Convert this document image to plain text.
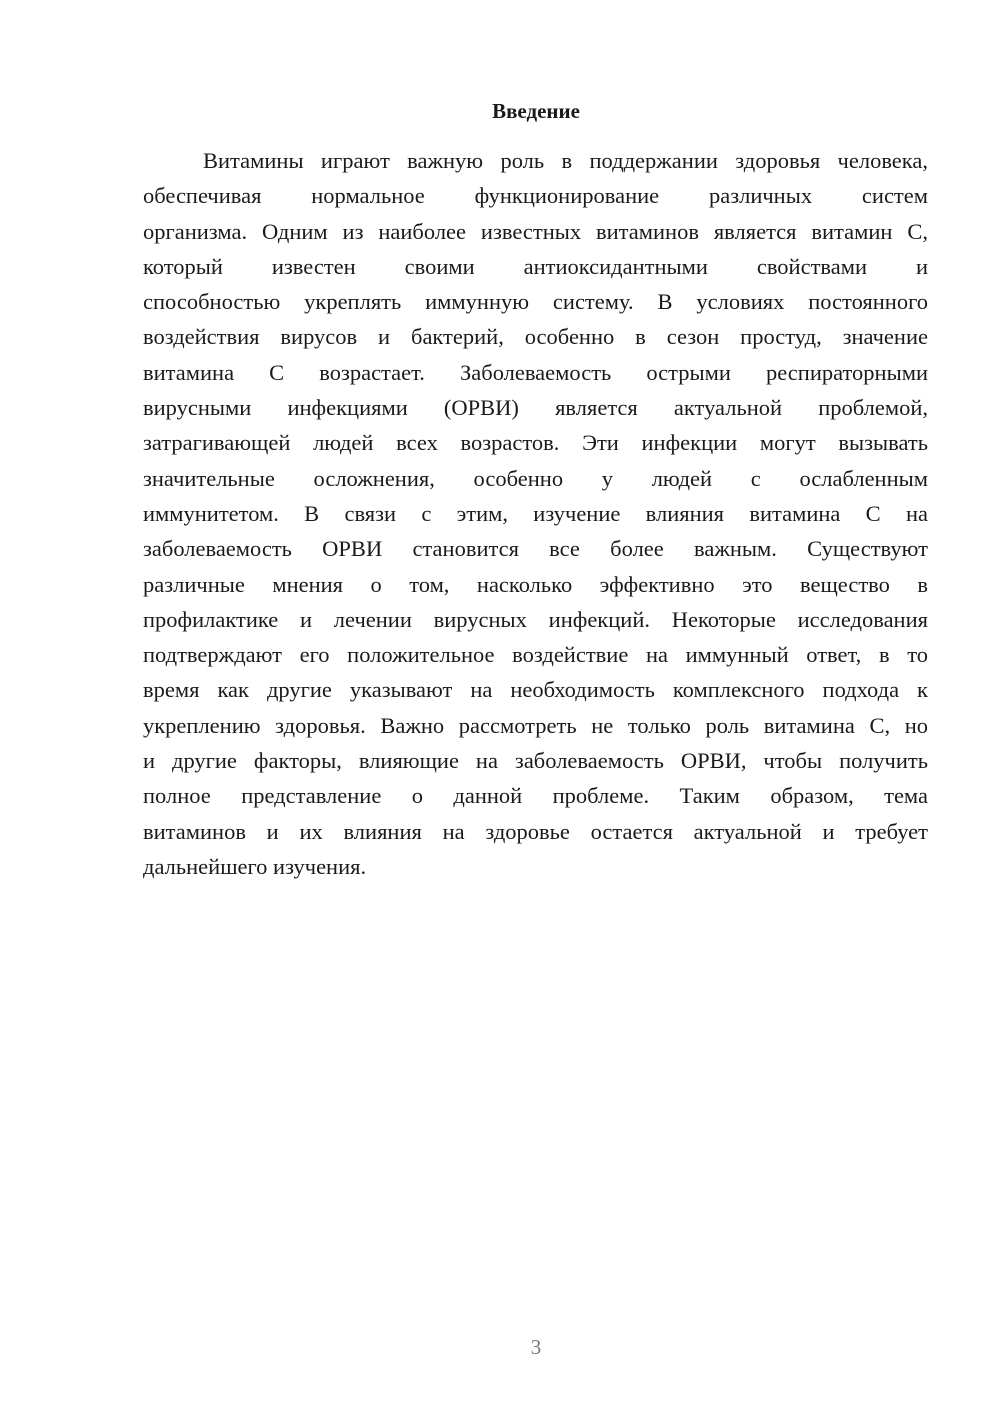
Введение
Витамины играют важную роль в поддержании здоровья человека,
обеспечивая нормальное функционирование различных систем
организма. Одним из наиболее известных витаминов является витамин С,
который известен своими антиоксидантными свойствами и
способностью укреплять иммунную систему. В условиях постоянного
воздействия вирусов и бактерий, особенно в сезон простуд, значение
витамина С возрастает. Заболеваемость острыми респираторными
вирусными инфекциями (ОРВИ) является актуальной проблемой,
затрагивающей людей всех возрастов. Эти инфекции могут вызывать
значительные осложнения, особенно у людей с ослабленным
иммунитетом. В связи с этим, изучение влияния витамина С на
заболеваемость ОРВИ становится все более важным. Существуют
различные мнения о том, насколько эффективно это вещество в
профилактике и лечении вирусных инфекций. Некоторые исследования
подтверждают его положительное воздействие на иммунный ответ, в то
время как другие указывают на необходимость комплексного подхода к
укреплению здоровья. Важно рассмотреть не только роль витамина С, но
и другие факторы, влияющие на заболеваемость ОРВИ, чтобы получить
полное представление о данной проблеме. Таким образом, тема
витаминов и их влияния на здоровье остается актуальной и требует
дальнейшего изучения.
3
